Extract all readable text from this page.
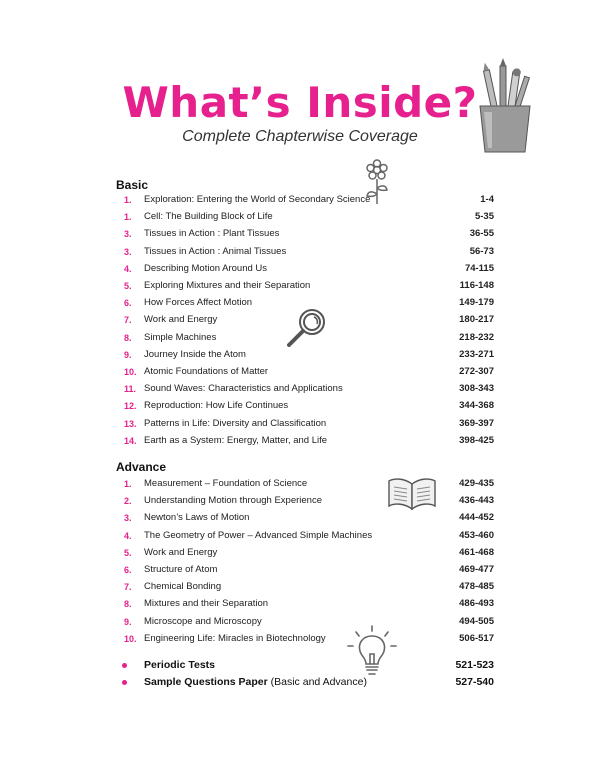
What’s Inside?
Complete Chapterwise Coverage
Basic
1.	Exploration: Entering the World of Secondary Science	1-4
1.	Cell: The Building Block of Life	5-35
3.	Tissues in Action : Plant Tissues	36-55
3.	Tissues in Action : Animal Tissues	56-73
4.	Describing Motion Around Us	74-115
5.	Exploring Mixtures and their Separation	116-148
6.	How Forces Affect Motion	149-179
7.	Work and Energy	180-217
8.	Simple Machines	218-232
9.	Journey Inside the Atom	233-271
10. Atomic Foundations of Matter	272-307
11. Sound Waves: Characteristics and Applications	308-343
12. Reproduction: How Life Continues	344-368
13. Patterns in Life: Diversity and Classification	369-397
14. Earth as a System: Energy, Matter, and Life	398-425
Advance
1.	Measurement – Foundation of Science	429-435
2.	Understanding Motion through Experience	436-443
3.	Newton’s Laws of Motion	444-452
4.	The Geometry of Power – Advanced Simple Machines	453-460
5.	Work and Energy	461-468
6.	Structure of Atom	469-477
7.	Chemical Bonding	478-485
8.	Mixtures and their Separation	486-493
9.	Microscope and Microscopy	494-505
10. Engineering Life: Miracles in Biotechnology	506-517
Periodic Tests	521-523
Sample Questions Paper (Basic and Advance)	527-540
